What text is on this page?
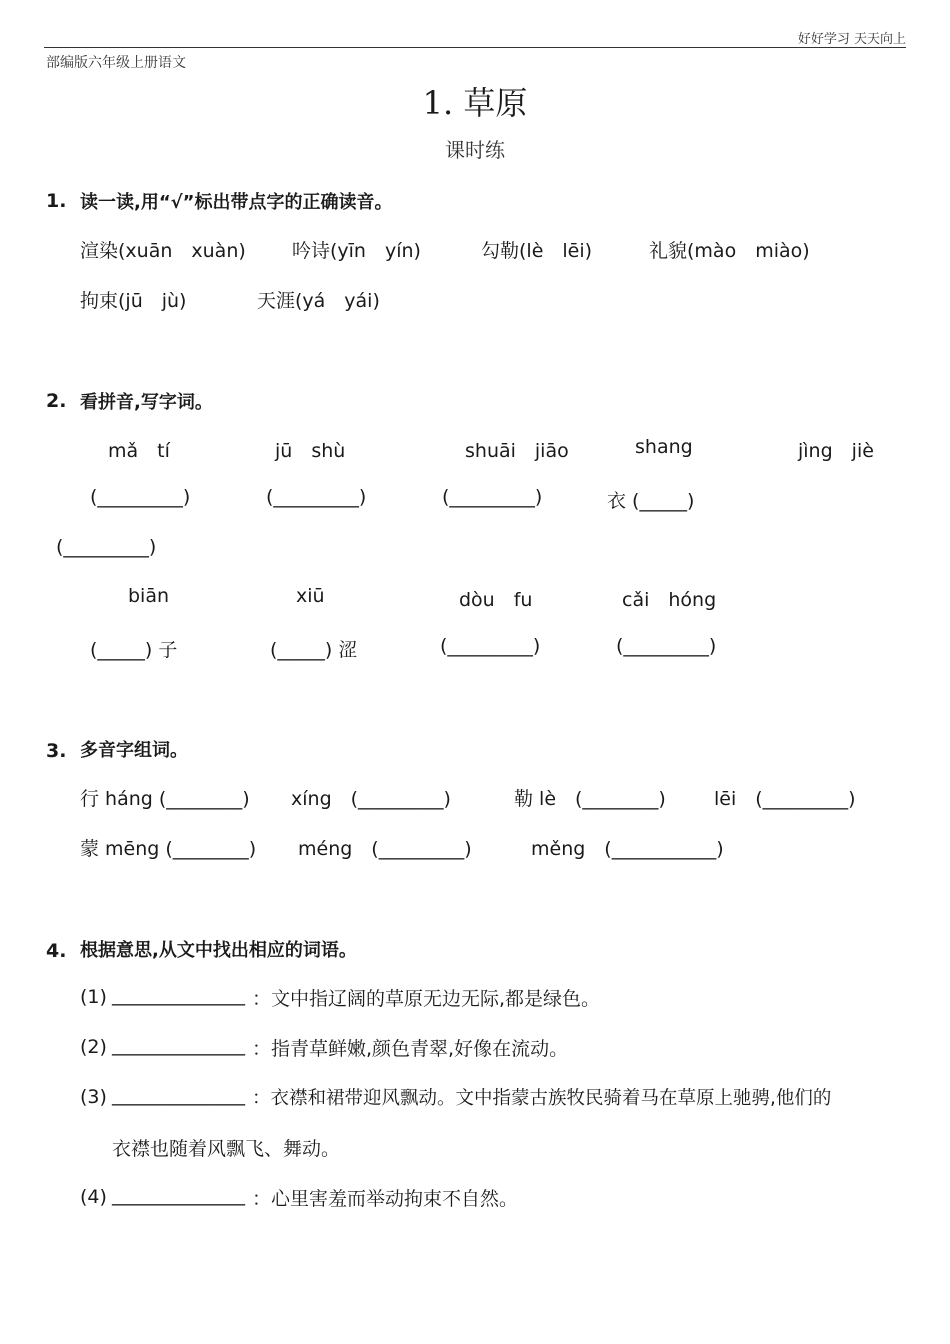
好好学习 天天向上
部编版六年级上册语文
1. 草原
课时练
1. 读一读,用“√”标出带点字的正确读音。
渲染(xuān　xuàn) 吟诗(yīn　yín)	勾勒(lè　lēi)	礼貌(mào　miào)
拘束(jū　jù)	天涯(yá　yái)
2. 看拼音,写字词。
mǎ　tí	jū　shù	shuāi　jiāo	shang	jìng　jiè
(_________)	(_________)	(_________)	衣 (_____)
(_________)
biān	xiū	dòu　fu	cǎi　hóng
(_____) 子	(_____) 涩	(_________)	(_________)
3. 多音字组词。
行 háng (________) xíng　(_________)	勒 lè　(________)	lēi　(_________)
蒙 mēng (________) méng　(_________)	měng　(___________)
4. 根据意思,从文中找出相应的词语。
(1) ______________ ：文中指辽阔的草原无边无际,都是绿色。
(2) ______________ ：指青草鲜嫩,颜色青翠,好像在流动。
(3) ______________ ：衣襟和裙带迎风飘动。文中指蒙古族牧民骑着马在草原上驰骋,他们的
衣襟也随着风飘飞、舞动。
(4) ______________ ：心里害羞而举动拘束不自然。
